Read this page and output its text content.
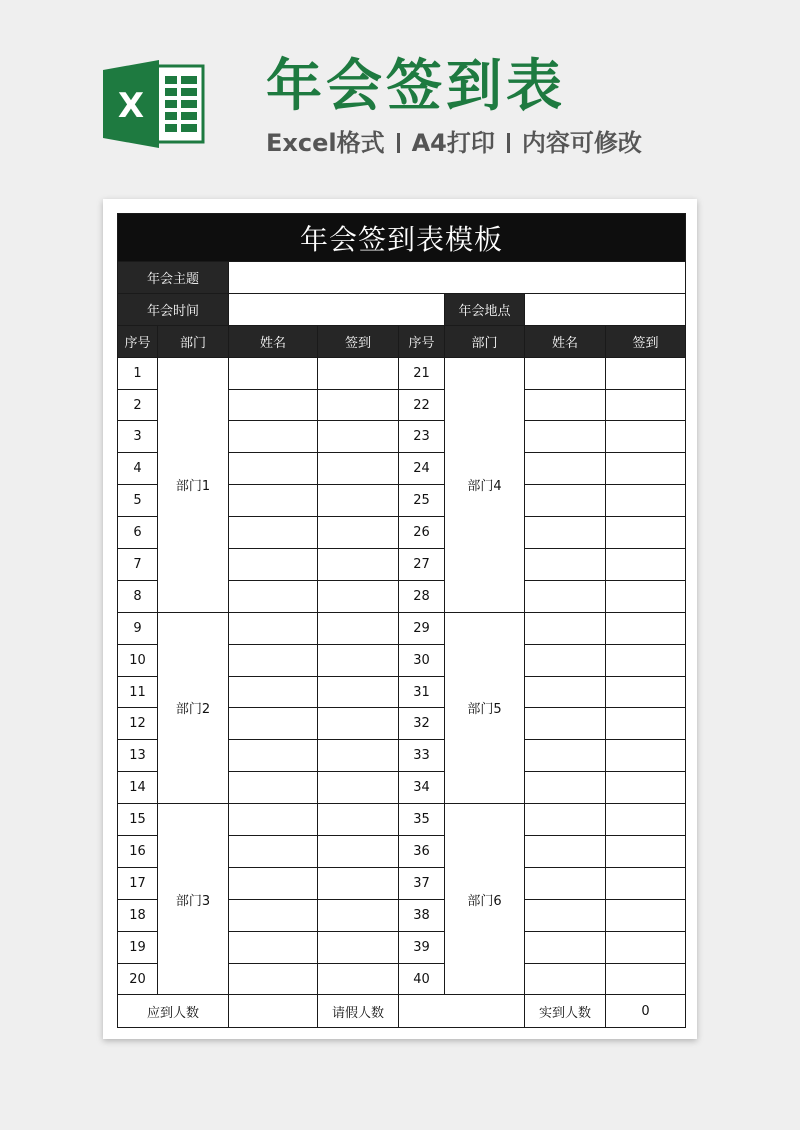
X 年会签到表
Excel格式 A4打印 内容可修改
年会签到表模板							
年会主题							
年会时间					年会地点		
序号	部门	姓名	签到	序号	部门	姓名	签到
1	部门1			21	部门4		
2				22			
3				23			
4				24			
5				25			
6				26			
7				27			
8				28			
9	部门2			29	部门5		
10				30			
11				31			
12				32			
13				33			
14				34			
15	部门3			35	部门6		
16				36			
17				37			
18				38			
19				39			
20				40			
应到人数			请假人数			实到人数	0
